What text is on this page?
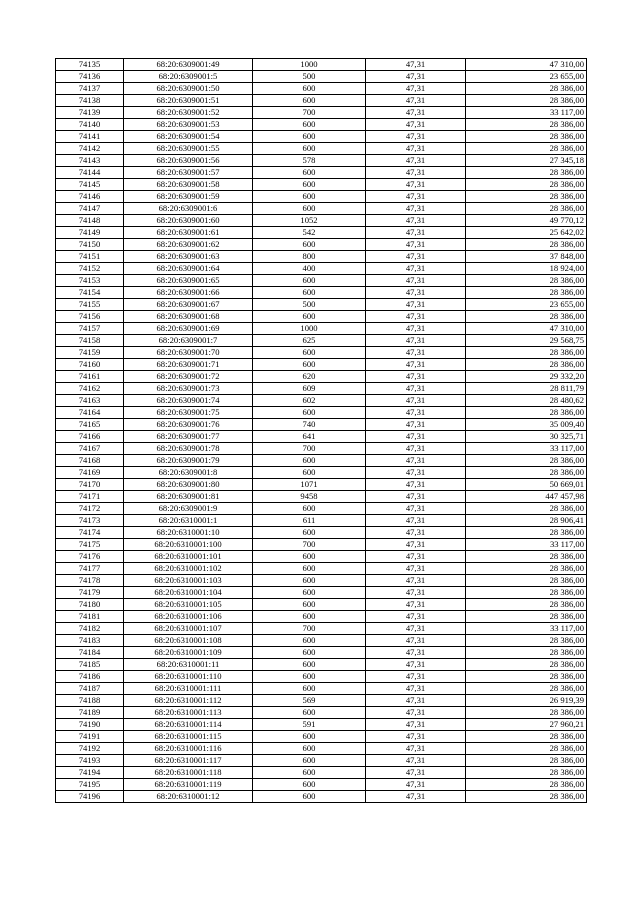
74135	68:20:6309001:49	1000	47,31	47 310,00
74136	68:20:6309001:5	500	47,31	23 655,00
74137	68:20:6309001:50	600	47,31	28 386,00
74138	68:20:6309001:51	600	47,31	28 386,00
74139	68:20:6309001:52	700	47,31	33 117,00
74140	68:20:6309001:53	600	47,31	28 386,00
74141	68:20:6309001:54	600	47,31	28 386,00
74142	68:20:6309001:55	600	47,31	28 386,00
74143	68:20:6309001:56	578	47,31	27 345,18
74144	68:20:6309001:57	600	47,31	28 386,00
74145	68:20:6309001:58	600	47,31	28 386,00
74146	68:20:6309001:59	600	47,31	28 386,00
74147	68:20:6309001:6	600	47,31	28 386,00
74148	68:20:6309001:60	1052	47,31	49 770,12
74149	68:20:6309001:61	542	47,31	25 642,02
74150	68:20:6309001:62	600	47,31	28 386,00
74151	68:20:6309001:63	800	47,31	37 848,00
74152	68:20:6309001:64	400	47,31	18 924,00
74153	68:20:6309001:65	600	47,31	28 386,00
74154	68:20:6309001:66	600	47,31	28 386,00
74155	68:20:6309001:67	500	47,31	23 655,00
74156	68:20:6309001:68	600	47,31	28 386,00
74157	68:20:6309001:69	1000	47,31	47 310,00
74158	68:20:6309001:7	625	47,31	29 568,75
74159	68:20:6309001:70	600	47,31	28 386,00
74160	68:20:6309001:71	600	47,31	28 386,00
74161	68:20:6309001:72	620	47,31	29 332,20
74162	68:20:6309001:73	609	47,31	28 811,79
74163	68:20:6309001:74	602	47,31	28 480,62
74164	68:20:6309001:75	600	47,31	28 386,00
74165	68:20:6309001:76	740	47,31	35 009,40
74166	68:20:6309001:77	641	47,31	30 325,71
74167	68:20:6309001:78	700	47,31	33 117,00
74168	68:20:6309001:79	600	47,31	28 386,00
74169	68:20:6309001:8	600	47,31	28 386,00
74170	68:20:6309001:80	1071	47,31	50 669,01
74171	68:20:6309001:81	9458	47,31	447 457,98
74172	68:20:6309001:9	600	47,31	28 386,00
74173	68:20:6310001:1	611	47,31	28 906,41
74174	68:20:6310001:10	600	47,31	28 386,00
74175	68:20:6310001:100	700	47,31	33 117,00
74176	68:20:6310001:101	600	47,31	28 386,00
74177	68:20:6310001:102	600	47,31	28 386,00
74178	68:20:6310001:103	600	47,31	28 386,00
74179	68:20:6310001:104	600	47,31	28 386,00
74180	68:20:6310001:105	600	47,31	28 386,00
74181	68:20:6310001:106	600	47,31	28 386,00
74182	68:20:6310001:107	700	47,31	33 117,00
74183	68:20:6310001:108	600	47,31	28 386,00
74184	68:20:6310001:109	600	47,31	28 386,00
74185	68:20:6310001:11	600	47,31	28 386,00
74186	68:20:6310001:110	600	47,31	28 386,00
74187	68:20:6310001:111	600	47,31	28 386,00
74188	68:20:6310001:112	569	47,31	26 919,39
74189	68:20:6310001:113	600	47,31	28 386,00
74190	68:20:6310001:114	591	47,31	27 960,21
74191	68:20:6310001:115	600	47,31	28 386,00
74192	68:20:6310001:116	600	47,31	28 386,00
74193	68:20:6310001:117	600	47,31	28 386,00
74194	68:20:6310001:118	600	47,31	28 386,00
74195	68:20:6310001:119	600	47,31	28 386,00
74196	68:20:6310001:12	600	47,31	28 386,00
